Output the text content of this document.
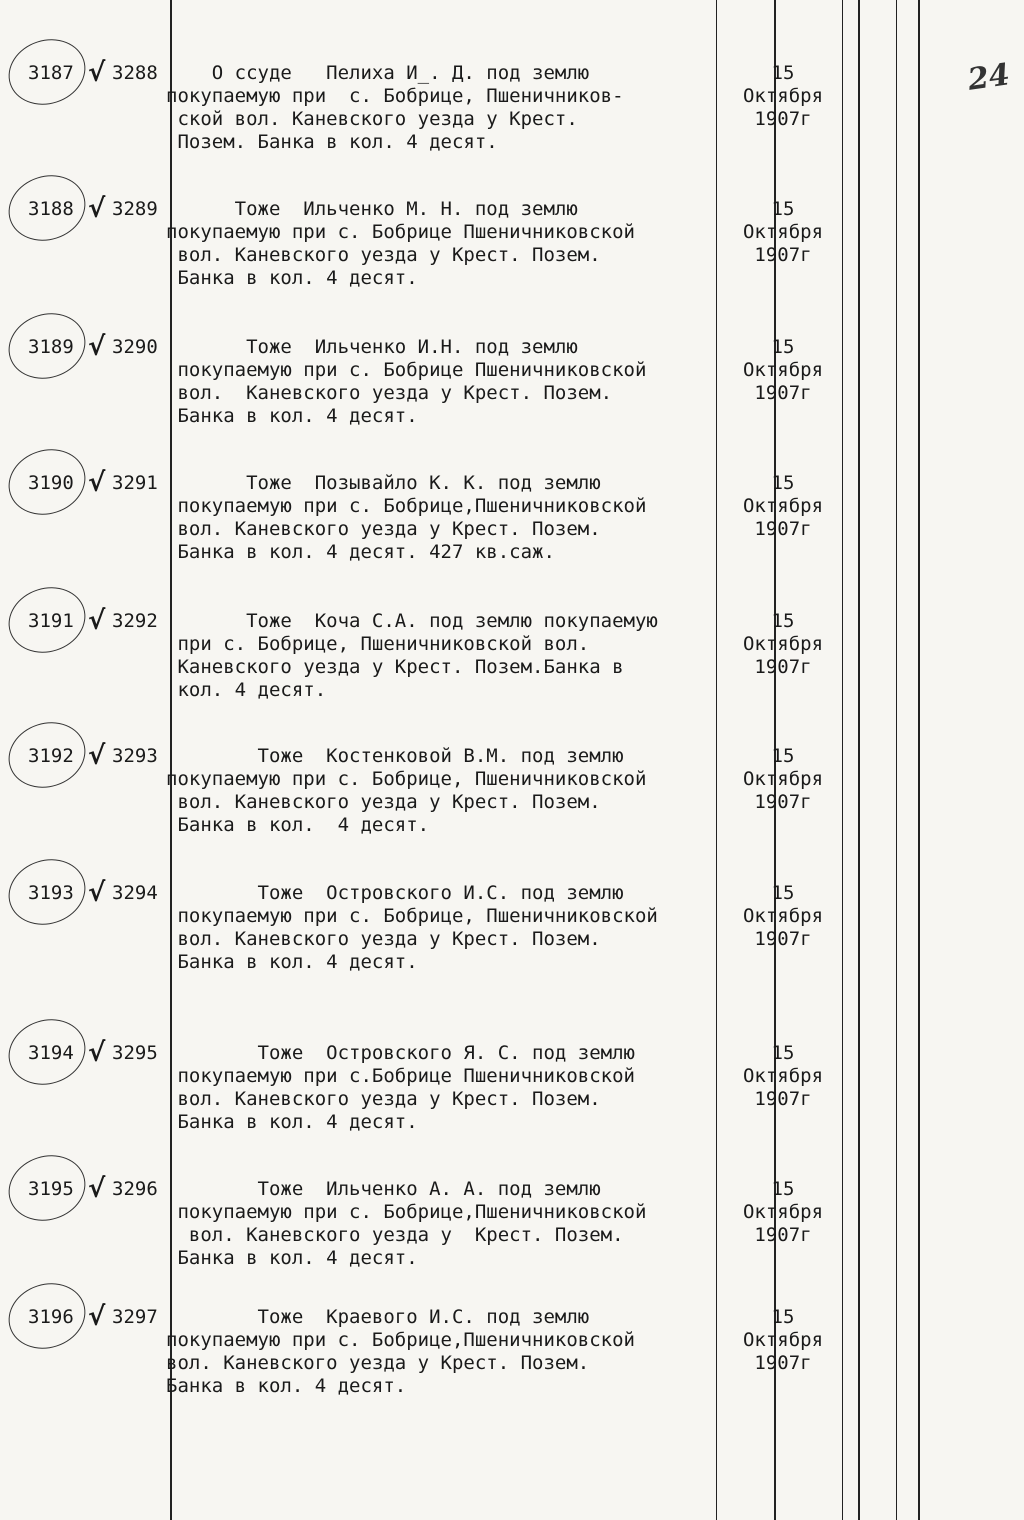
24
3187 √ 3288 О ссуде   Пелиха И_. Д. под землю
покупаемую при  с. Бобрице, Пшеничников-
ской вол. Каневского уезда у Крест.
Позем. Банка в кол. 4 десят.
15
Октября
1907г
3188 √ 3289 Тоже  Ильченко М. Н. под землю
покупаемую при с. Бобрице Пшеничниковской
вол. Каневского уезда у Крест. Позем.
Банка в кол. 4 десят.
15
Октября
1907г
3189 √ 3290 Тоже  Ильченко И.Н. под землю
покупаемую при с. Бобрице Пшеничниковской
вол.  Каневского уезда у Крест. Позем.
Банка в кол. 4 десят.
15
Октября
1907г
3190 √ 3291 Тоже  Позывайло К. К. под землю
покупаемую при с. Бобрице,Пшеничниковской
вол. Каневского уезда у Крест. Позем.
Банка в кол. 4 десят. 427 кв.саж.
15
Октября
1907г
3191 √ 3292 Тоже  Коча С.А. под землю покупаемую
при с. Бобрице, Пшеничниковской вол.
Каневского уезда у Крест. Позем.Банка в
кол. 4 десят.
15
Октября
1907г
3192 √ 3293 Тоже  Костенковой В.М. под землю
покупаемую при с. Бобрице, Пшеничниковской
вол. Каневского уезда у Крест. Позем.
Банка в кол.  4 десят.
15
Октября
1907г
3193 √ 3294 Тоже  Островского И.С. под землю
покупаемую при с. Бобрице, Пшеничниковской
вол. Каневского уезда у Крест. Позем.
Банка в кол. 4 десят.
15
Октября
1907г
3194 √ 3295 Тоже  Островского Я. С. под землю
покупаемую при с.Бобрице Пшеничниковской
вол. Каневского уезда у Крест. Позем.
Банка в кол. 4 десят.
15
Октября
1907г
3195 √ 3296 Тоже  Ильченко А. А. под землю
покупаемую при с. Бобрице,Пшеничниковской
вол. Каневского уезда у  Крест. Позем.
Банка в кол. 4 десят.
15
Октября
1907г
3196 √ 3297 Тоже  Краевого И.С. под землю
покупаемую при с. Бобрице,Пшеничниковской
вол. Каневского уезда у Крест. Позем.
Банка в кол. 4 десят.
15
Октября
1907г
